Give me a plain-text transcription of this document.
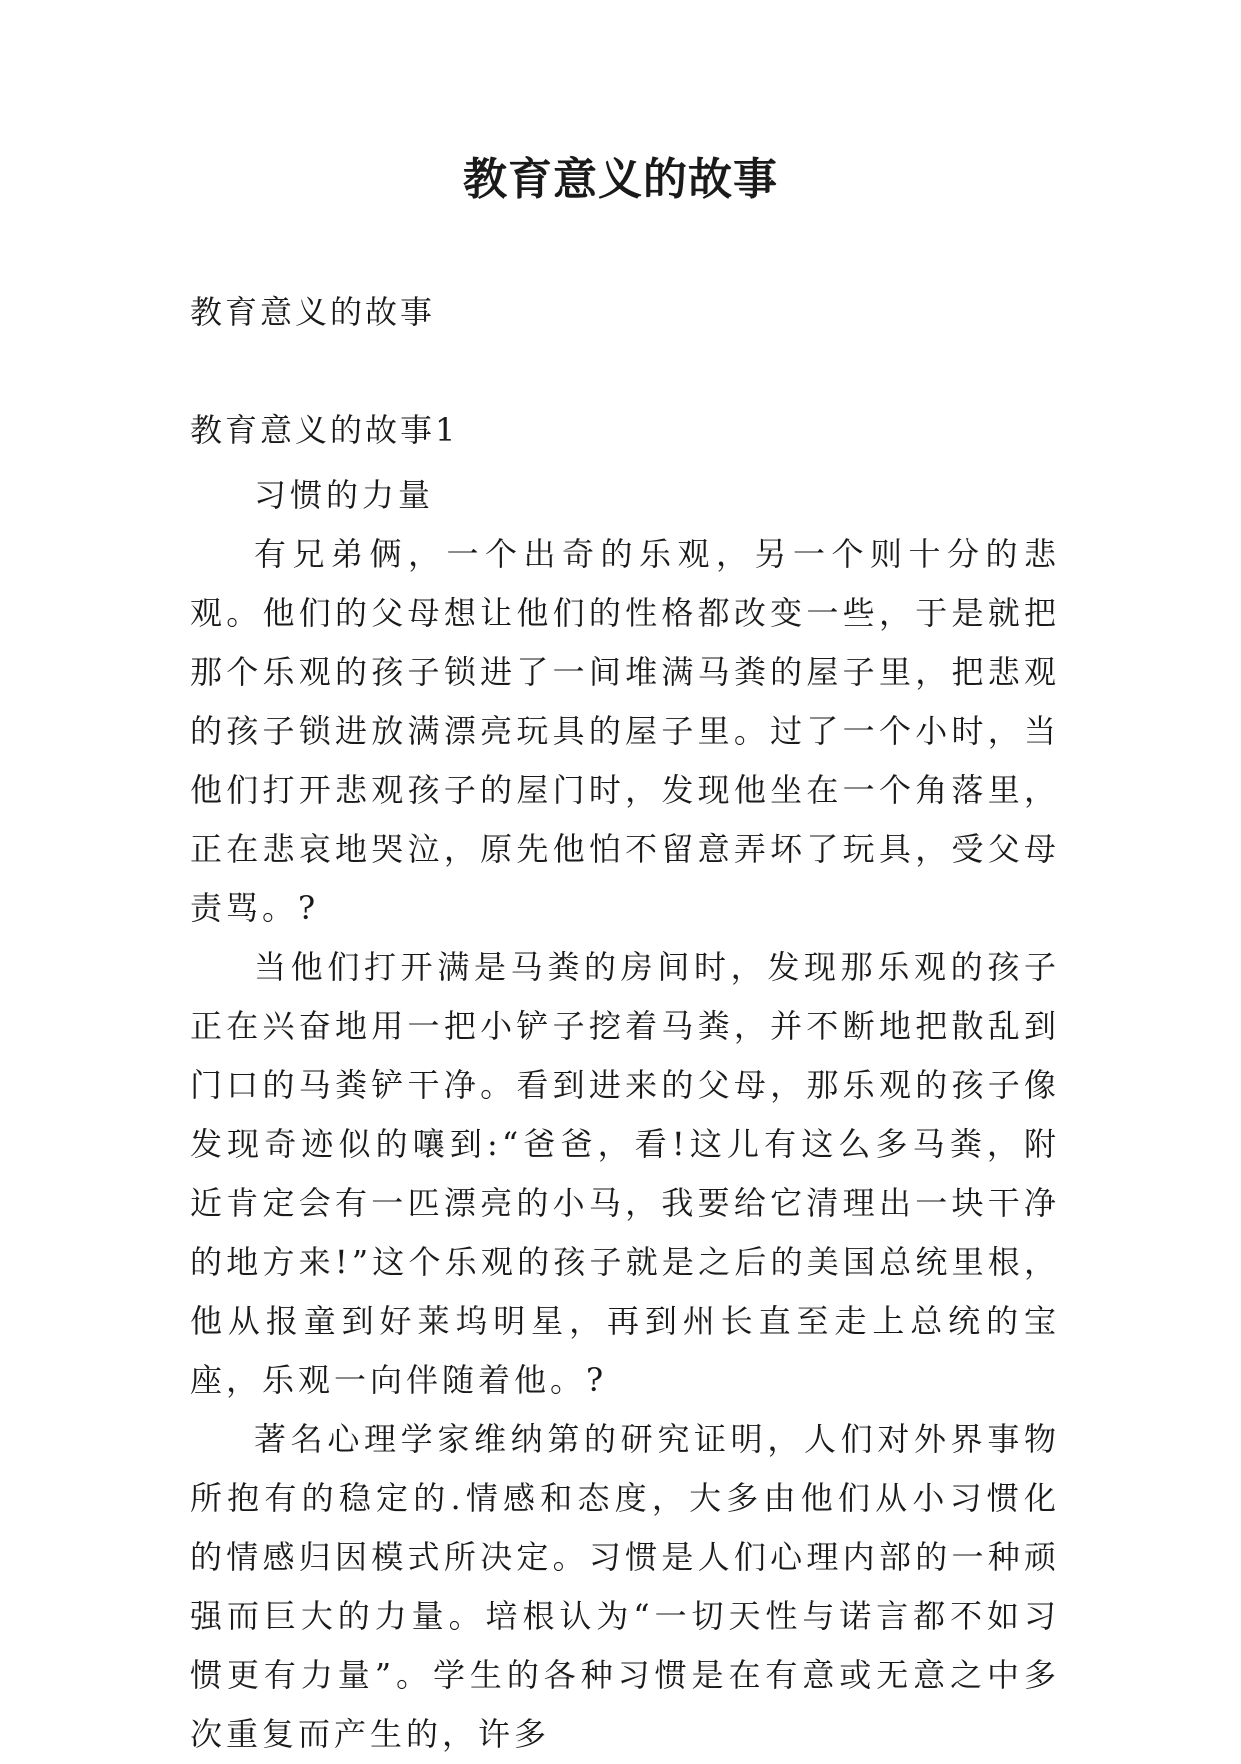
教育意义的故事

教育意义的故事

教育意义的故事1

习惯的力量

有兄弟俩，一个出奇的乐观，另一个则十分的悲观。他们的父母想让他们的性格都改变一些，于是就把那个乐观的孩子锁进了一间堆满马粪的屋子里，把悲观的孩子锁进放满漂亮玩具的屋子里。过了一个小时，当他们打开悲观孩子的屋门时，发现他坐在一个角落里，正在悲哀地哭泣，原先他怕不留意弄坏了玩具，受父母责骂。?

当他们打开满是马粪的房间时，发现那乐观的孩子正在兴奋地用一把小铲子挖着马粪，并不断地把散乱到门口的马粪铲干净。看到进来的父母，那乐观的孩子像发现奇迹似的嚷到:“爸爸，看!这儿有这么多马粪，附近肯定会有一匹漂亮的小马，我要给它清理出一块干净的地方来!”这个乐观的孩子就是之后的美国总统里根，他从报童到好莱坞明星，再到州长直至走上总统的宝座，乐观一向伴随着他。?

著名心理学家维纳第的研究证明，人们对外界事物所抱有的稳定的.情感和态度，大多由他们从小习惯化的情感归因模式所决定。习惯是人们心理内部的一种顽强而巨大的力量。培根认为“一切天性与诺言都不如习惯更有力量”。学生的各种习惯是在有意或无意之中多次重复而产生的，许多
